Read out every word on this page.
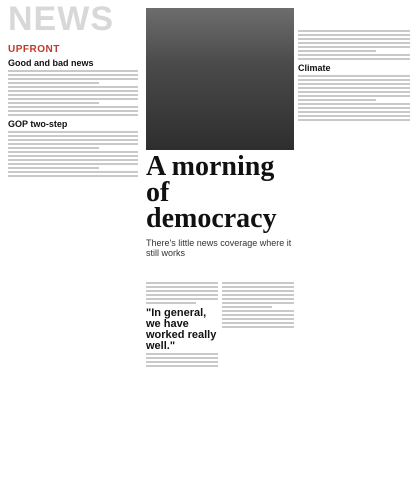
NEWS
UPFRONT
Good and bad news
GOP two-step
A morning of democracy

There's little news coverage where it still works

"In general, we have worked really well."
Climate
